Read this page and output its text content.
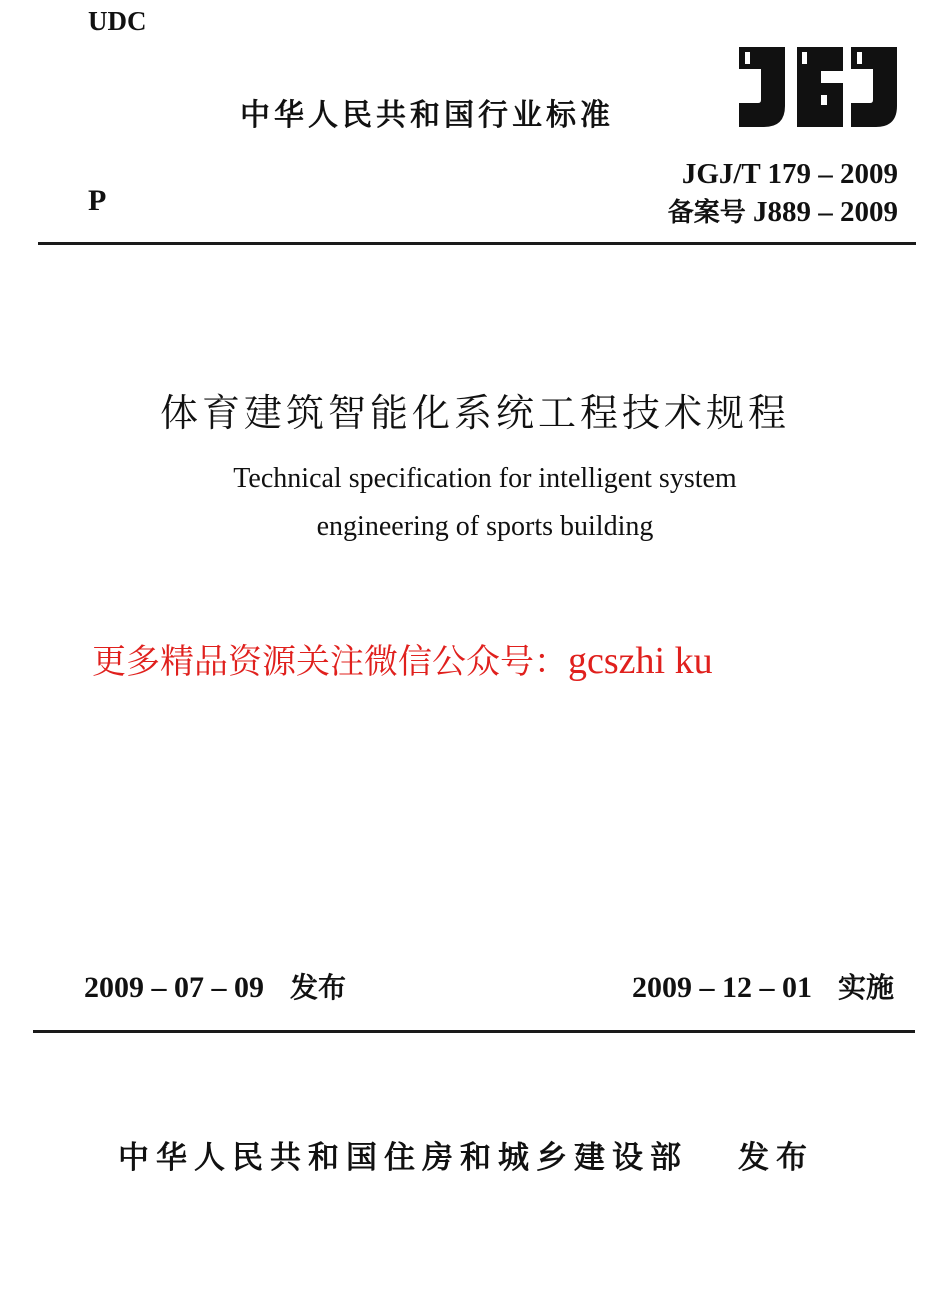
UDC
中华人民共和国行业标准
JGJ/T 179 – 2009
备案号 J889 – 2009
P
体育建筑智能化系统工程技术规程
Technical specification for intelligent system
engineering of sports building
更多精品资源关注微信公众号：gcszhi ku
2009 – 07 – 09 发布	2009 – 12 – 01 实施
中华人民共和国住房和城乡建设部 发布
